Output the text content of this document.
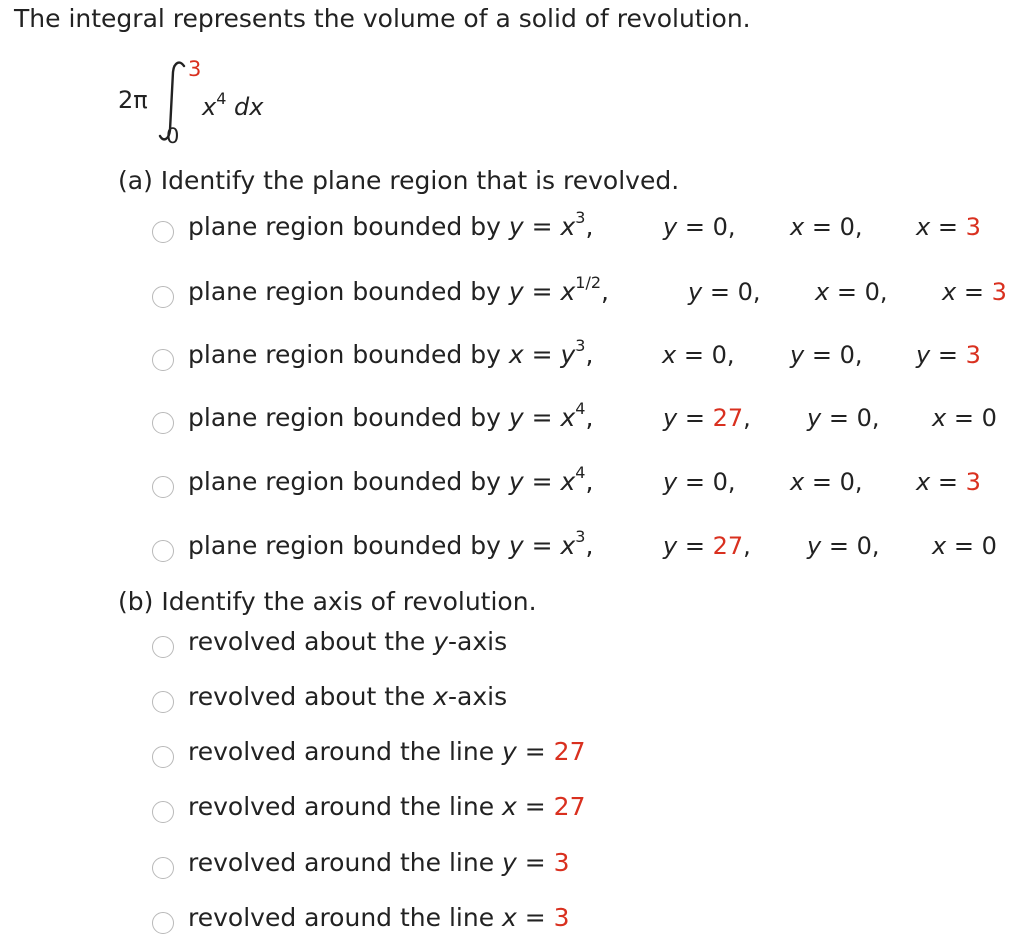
The integral represents the volume of a solid of revolution.
2π
3
0
$x^4$ dx
(a) Identify the plane region that is revolved.
plane region bounded by $y = x^3$,	y = 0, x = 0, x = 3
plane region bounded by $y = x^{1/2}$,	y = 0, x = 0, x = 3
plane region bounded by $x = y^3$,	x = 0, y = 0, y = 3
plane region bounded by $y = x^4$,	y = 27, y = 0, x = 0
plane region bounded by $y = x^4$,	y = 0, x = 0, x = 3
plane region bounded by $y = x^3$,	y = 27, y = 0, x = 0
(b) Identify the axis of revolution.
revolved about the y-axis
revolved about the x-axis
revolved around the line y = 27
revolved around the line x = 27
revolved around the line y = 3
revolved around the line x = 3
